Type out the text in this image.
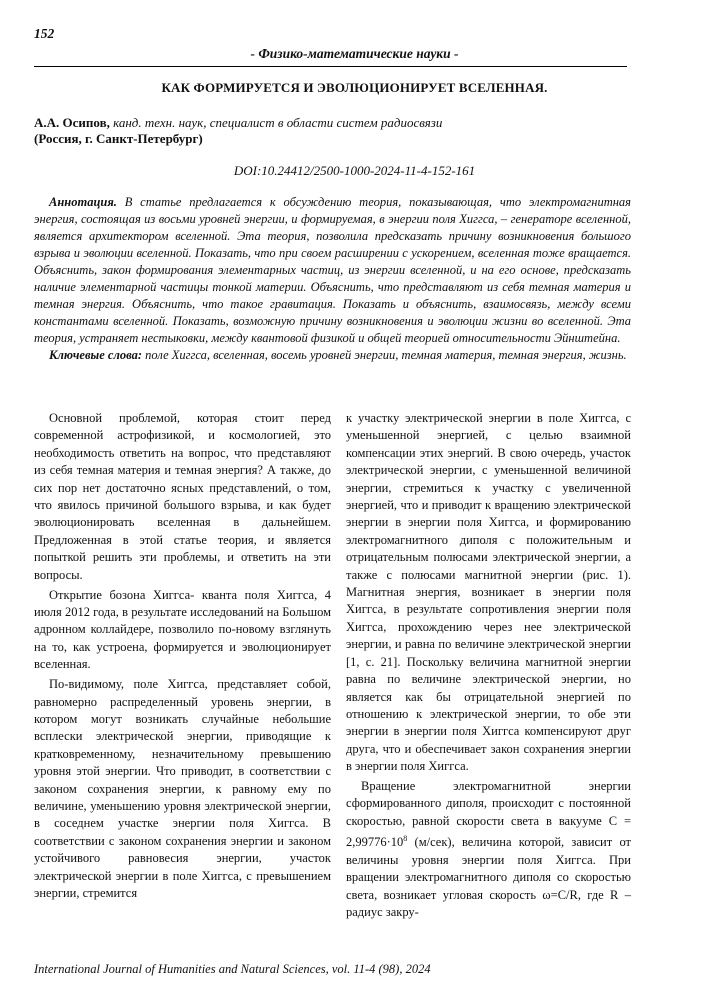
152
- Физико-математические науки -
КАК ФОРМИРУЕТСЯ И ЭВОЛЮЦИОНИРУЕТ ВСЕЛЕННАЯ.
А.А. Осипов, канд. техн. наук, специалист в области систем радиосвязи
(Россия, г. Санкт-Петербург)
DOI:10.24412/2500-1000-2024-11-4-152-161

Аннотация. В статье предлагается к обсуждению теория, показывающая, что электромагнитная энергия, состоящая из восьми уровней энергии, и формируемая, в энергии поля Хиггса, – генераторе вселенной, является архитектором вселенной. Эта теория, позволила предсказать причину возникновения большого взрыва и эволюции вселенной. Показать, что при своем расширении с ускорением, вселенная тоже вращается. Объяснить, закон формирования элементарных частиц, из энергии вселенной, и на его основе, предсказать наличие элементарной частицы тонкой материи. Объяснить, что представляют из себя темная материя и темная энергия. Объяснить, что такое гравитация. Показать и объяснить, взаимосвязь, между всеми константами вселенной. Показать, возможную причину возникновения и эволюции жизни во вселенной. Эта теория, устраняет нестыковки, между квантовой физикой и общей теорией относительности Эйнштейна.

Ключевые слова: поле Хиггса, вселенная, восемь уровней энергии, темная материя, темная энергия, жизнь.

Основной проблемой, которая стоит перед современной астрофизикой, и космологией, это необходимость ответить на вопрос, что представляют из себя темная материя и темная энергия? А также, до сих пор нет достаточно ясных представлений, о том, что явилось причиной большого взрыва, и как будет эволюционировать вселенная в дальнейшем. Предложенная в этой статье теория, и является попыткой решить эти проблемы, и ответить на эти вопросы.

Открытие бозона Хиггса- кванта поля Хиггса, 4 июля 2012 года, в результате исследований на Большом адронном коллайдере, позволило по-новому взглянуть на то, как устроена, формируется и эволюционирует вселенная.

По-видимому, поле Хиггса, представляет собой, равномерно распределенный уровень энергии, в котором могут возникать случайные небольшие всплески электрической энергии, приводящие к кратковременному, незначительному превышению уровня этой энергии. Что приводит, в соответствии с законом сохранения энергии, к равному ему по величине, уменьшению уровня электрической энергии, в соседнем участке энергии поля Хиггса. В соответствии с законом сохранения энергии и законом устойчивого равновесия энергии, участок электрической энергии в поле Хиггса, с превышением энергии, стремится

к участку электрической энергии в поле Хиггса, с уменьшенной энергией, с целью взаимной компенсации этих энергий. В свою очередь, участок электрической энергии, с уменьшенной величиной энергии, стремиться к участку с увеличенной энергией, что и приводит к вращению электрической энергии в энергии поля Хиггса, и формированию электромагнитного диполя с положительным и отрицательным полюсами электрической энергии, а также с полюсами магнитной энергии (рис. 1). Магнитная энергия, возникает в энергии поля Хиггса, в результате сопротивления энергии поля Хиггса, прохождению через нее электрической энергии, и равна по величине электрической энергии [1, с. 21]. Поскольку величина магнитной энергии равна по величине электрической энергии, но является как бы отрицательной энергией по отношению к электрической энергии, то обе эти энергии в энергии поля Хиггса компенсируют друг друга, что и обеспечивает закон сохранения энергии в энергии поля Хиггса.

Вращение электромагнитной энергии сформированного диполя, происходит с постоянной скоростью, равной скорости света в вакууме $C = 2,99776\cdot 10^8$ (м/сек), величина которой, зависит от величины уровня энергии поля Хиггса. При вращении электромагнитного диполя со скоростью света, возникает угловая скорость ω=C/R, где R – радиус закру-

International Journal of Humanities and Natural Sciences, vol. 11-4 (98), 2024
